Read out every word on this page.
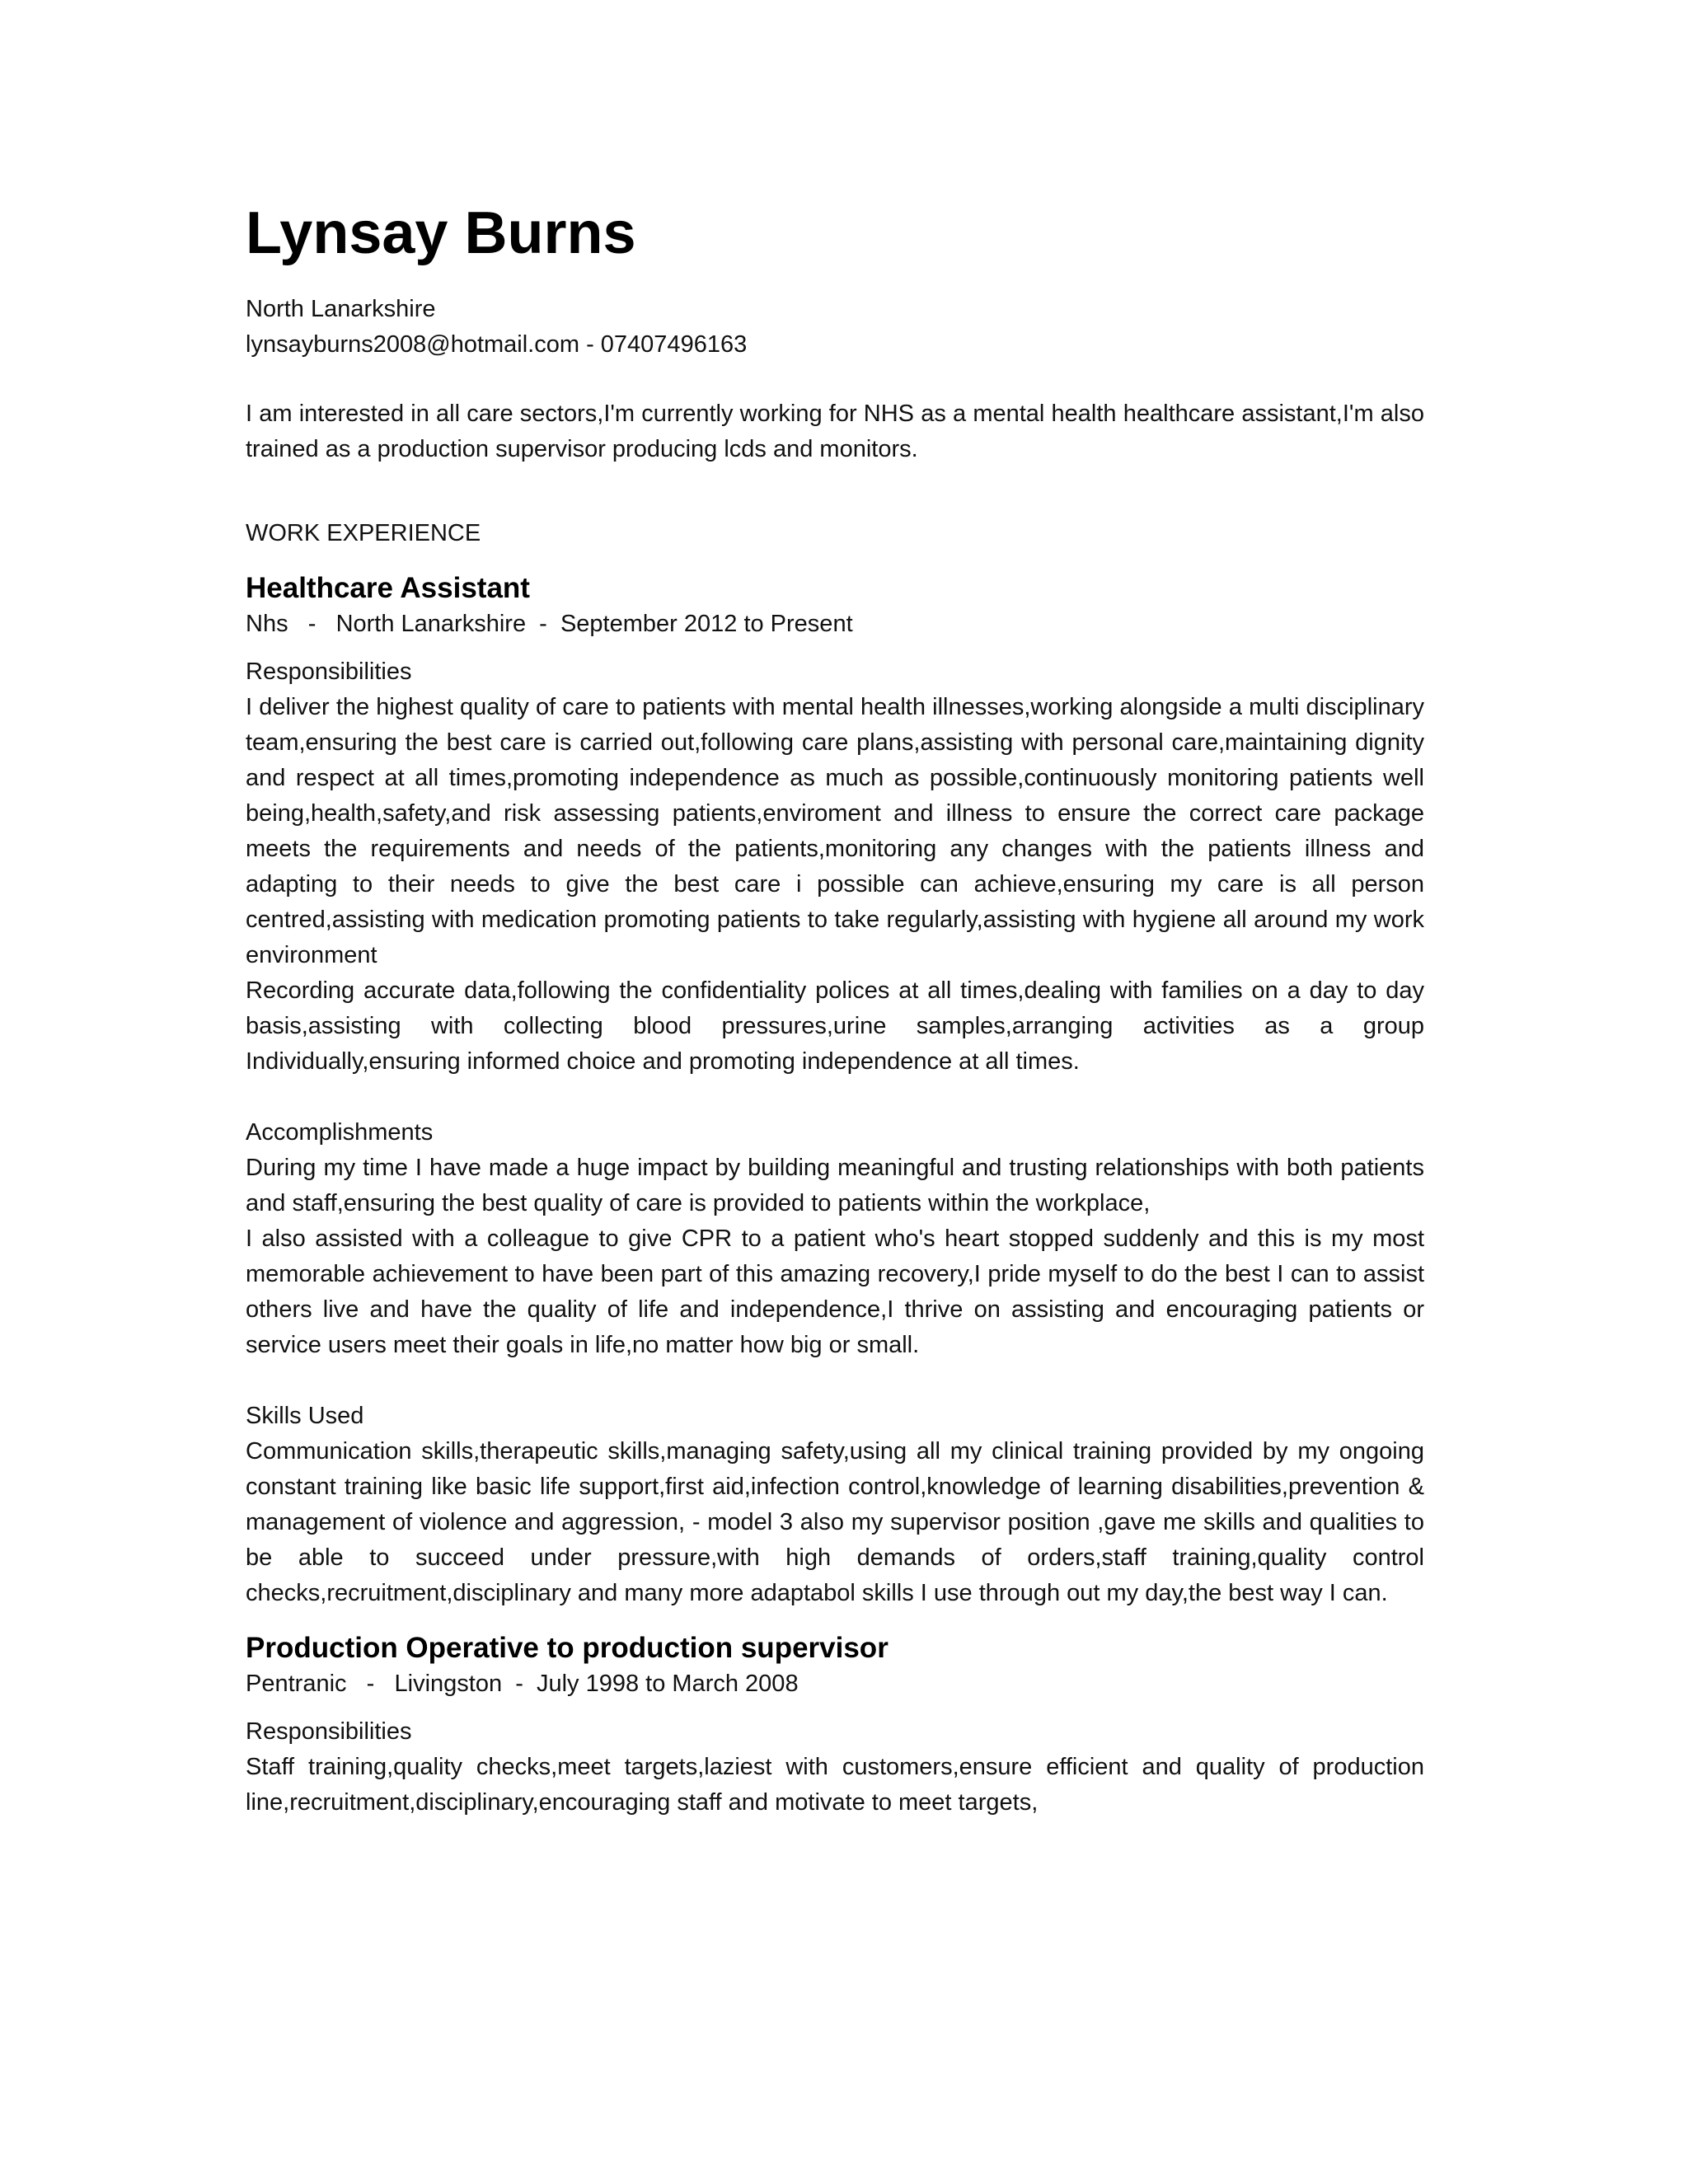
Lynsay Burns

North Lanarkshire

lynsayburns2008@hotmail.com - 07407496163

I am interested in all care sectors,I'm currently working for NHS as a mental health healthcare assistant,I'm also trained as a production supervisor producing lcds and monitors.

WORK EXPERIENCE

Healthcare Assistant

Nhs   -   North Lanarkshire  -  September 2012 to Present

Responsibilities

I deliver the highest quality of care to patients with mental health illnesses,working alongside a multi disciplinary team,ensuring the best care is carried out,following care plans,assisting with personal care,maintaining dignity and respect at all times,promoting independence as much as possible,continuously monitoring patients well being,health,safety,and risk assessing patients,enviroment and illness to ensure the correct care package meets the requirements and needs of the patients,monitoring any changes with the patients illness and adapting to their needs to give the best care i possible can achieve,ensuring my care is all person centred,assisting with medication promoting patients to take regularly,assisting with hygiene all around my work environment

Recording accurate data,following the confidentiality polices at all times,dealing with families on a day to day basis,assisting with collecting blood pressures,urine samples,arranging activities as a group Individually,ensuring informed choice and promoting independence at all times.

Accomplishments

During my time I have made a huge impact by building meaningful and trusting relationships with both patients and staff,ensuring the best quality of care is provided to patients within the workplace,

I also assisted with a colleague to give CPR to a patient who's heart stopped suddenly and this is my most memorable achievement to have been part of this amazing recovery,I pride myself to do the best I can to assist others live and have the quality of life and independence,I thrive on assisting and encouraging patients or service users meet their goals in life,no matter how big or small.

Skills Used

Communication skills,therapeutic skills,managing safety,using all my clinical training provided by my ongoing constant training like basic life support,first aid,infection control,knowledge of learning disabilities,prevention & management of violence and aggression, - model 3 also my supervisor position ,gave me skills and qualities to be able to succeed under pressure,with high demands of orders,staff training,quality control checks,recruitment,disciplinary and many more adaptabol skills I use through out my day,the best way I can.

Production Operative to production supervisor

Pentranic   -   Livingston  -  July 1998 to March 2008

Responsibilities

Staff training,quality checks,meet targets,laziest with customers,ensure efficient and quality of production line,recruitment,disciplinary,encouraging staff and motivate to meet targets,
